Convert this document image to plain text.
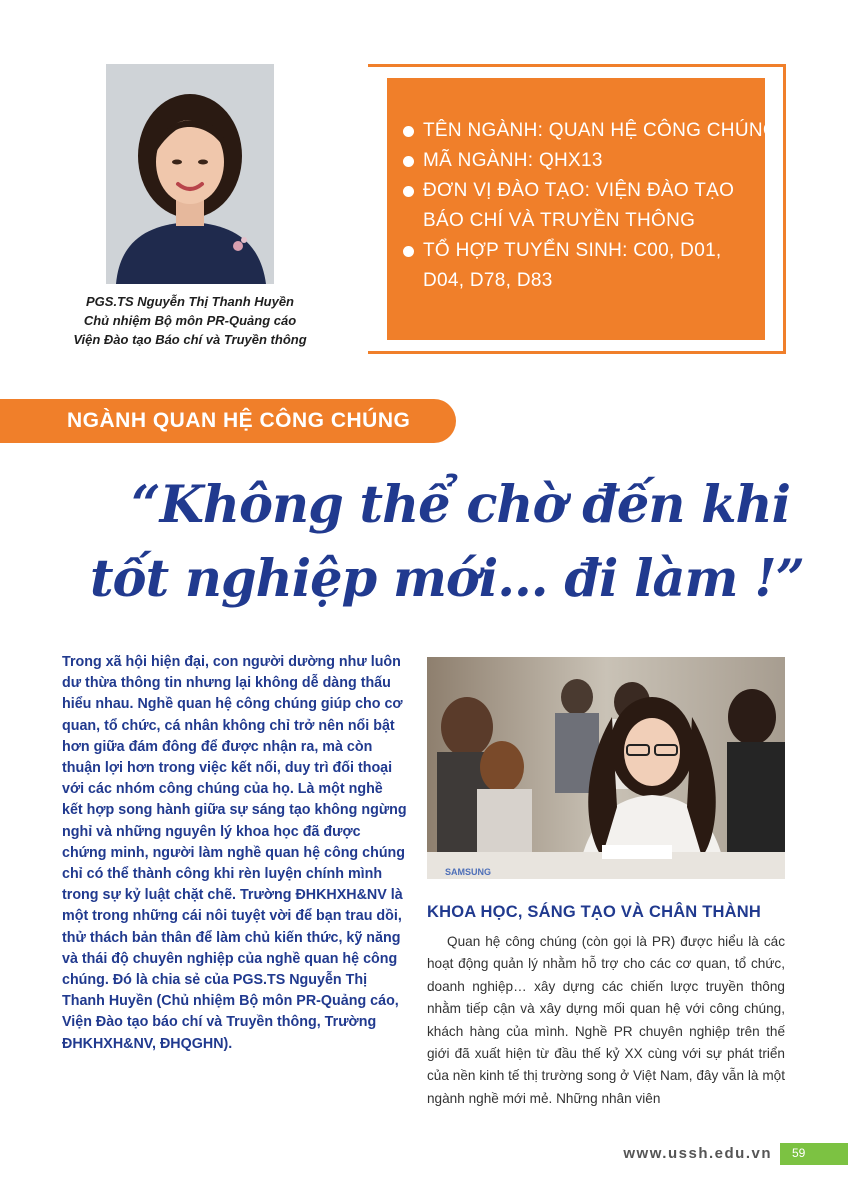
PGS.TS Nguyễn Thị Thanh Huyền
Chủ nhiệm Bộ môn PR-Quảng cáo
Viện Đào tạo Báo chí và Truyền thông
TÊN NGÀNH: QUAN HỆ CÔNG CHÚNG
MÃ NGÀNH: QHX13
ĐƠN VỊ ĐÀO TẠO: VIỆN ĐÀO TẠO
BÁO CHÍ VÀ TRUYỀN THÔNG
TỔ HỢP TUYỂN SINH: C00, D01,
D04, D78, D83
NGÀNH QUAN HỆ CÔNG CHÚNG
“Không thể chờ đến khi
tốt nghiệp mới... đi làm !”
Trong xã hội hiện đại, con người dường như luôn dư thừa thông tin nhưng lại không dễ dàng thấu hiểu nhau. Nghề quan hệ công chúng giúp cho cơ quan, tổ chức, cá nhân không chỉ trở nên nổi bật hơn giữa đám đông để được nhận ra, mà còn thuận lợi hơn trong việc kết nối, duy trì đối thoại với các nhóm công chúng của họ. Là một nghề kết hợp song hành giữa sự sáng tạo không ngừng nghỉ và những nguyên lý khoa học đã được chứng minh, người làm nghề quan hệ công chúng chỉ có thể thành công khi rèn luyện chính mình trong sự kỷ luật chặt chẽ. Trường ĐHKHXH&NV là một trong những cái nôi tuyệt vời để bạn trau dồi, thử thách bản thân để làm chủ kiến thức, kỹ năng và thái độ chuyên nghiệp của nghề quan hệ công chúng. Đó là chia sẻ của PGS.TS Nguyễn Thị Thanh Huyền (Chủ nhiệm Bộ môn PR-Quảng cáo, Viện Đào tạo báo chí và Truyền thông, Trường ĐHKHXH&NV, ĐHQGHN).
SAMSUNG
KHOA HỌC, SÁNG TẠO VÀ CHÂN THÀNH

Quan hệ công chúng (còn gọi là PR) được hiểu là các hoạt động quản lý nhằm hỗ trợ cho các cơ quan, tổ chức, doanh nghiệp… xây dựng các chiến lược truyền thông nhằm tiếp cận và xây dựng mối quan hệ với công chúng, khách hàng của mình. Nghề PR chuyên nghiệp trên thế giới đã xuất hiện từ đầu thế kỷ XX cùng với sự phát triển của nền kinh tế thị trường song ở Việt Nam, đây vẫn là một ngành nghề mới mẻ. Những nhân viên

www.ussh.edu.vn 59
